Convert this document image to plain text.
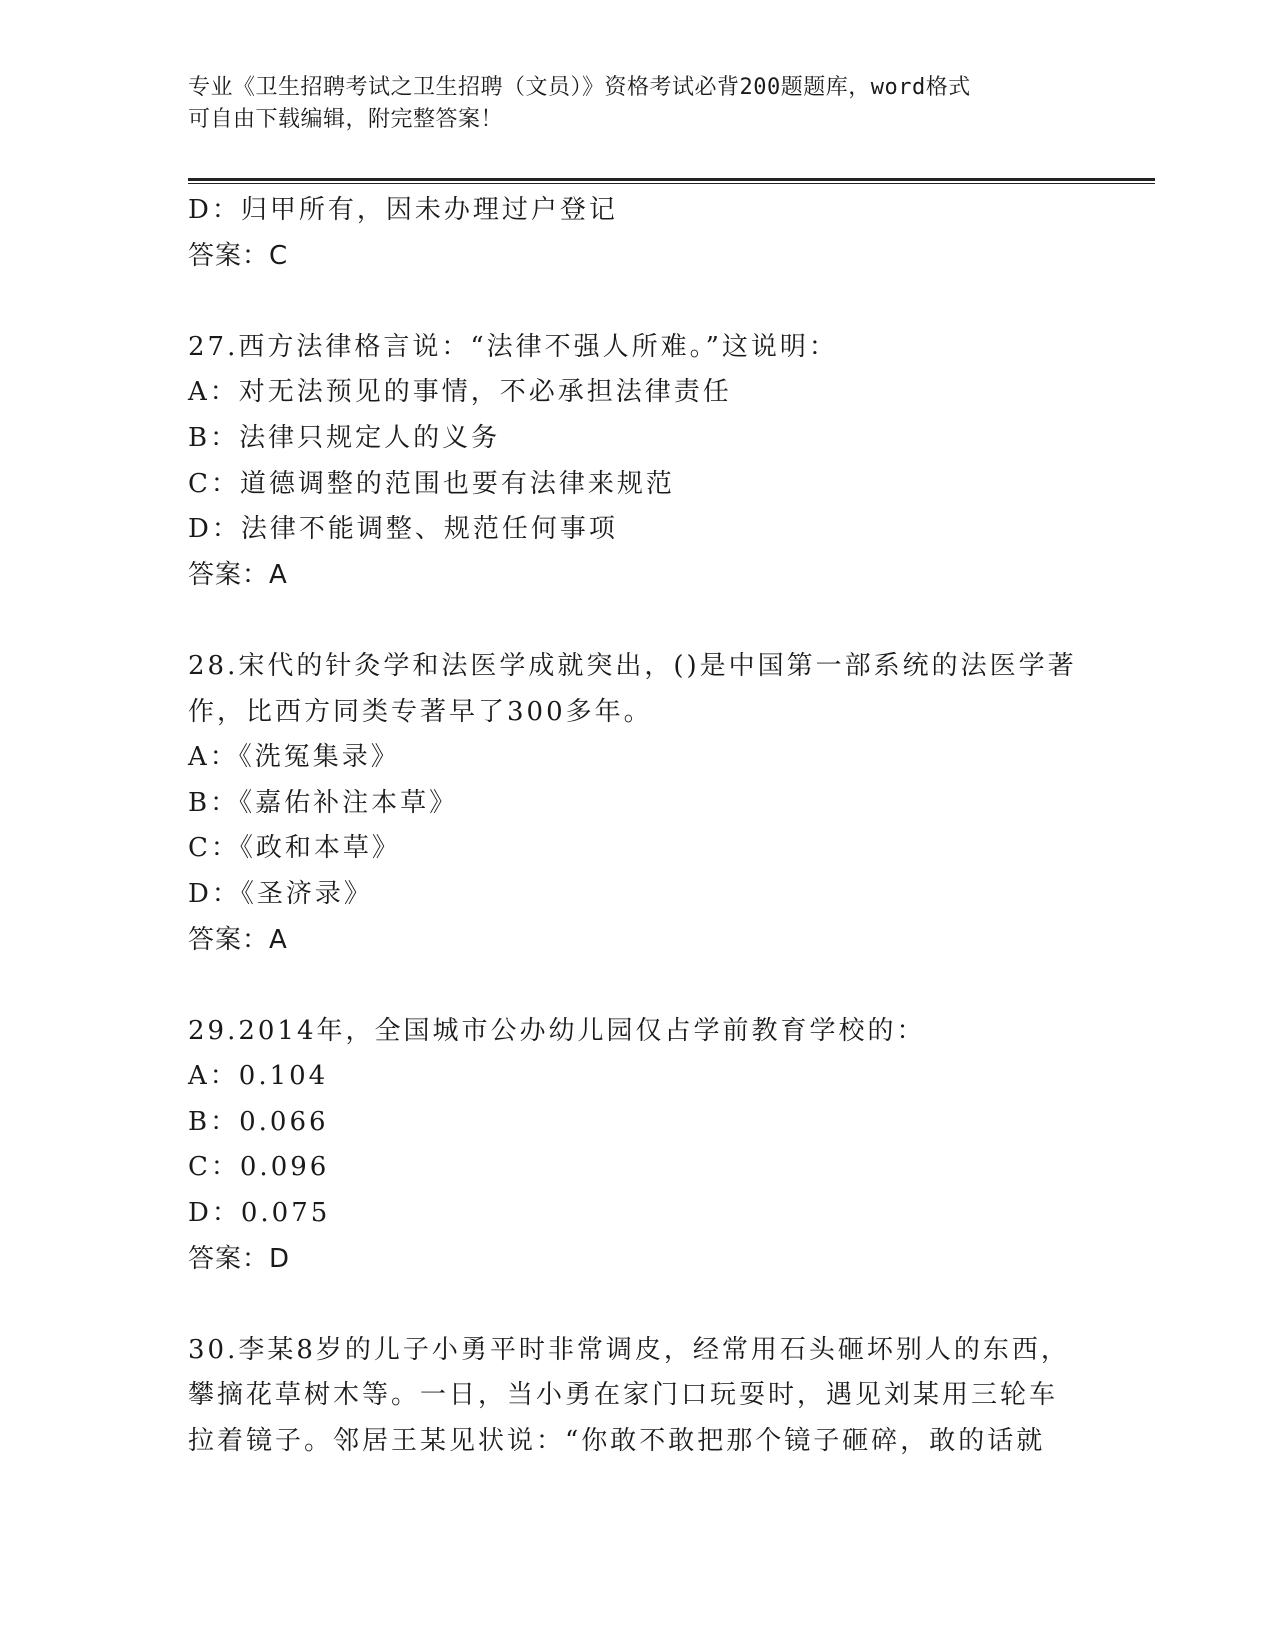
专业《卫生招聘考试之卫生招聘（文员）》资格考试必背200题题库，word格式
可自由下载编辑，附完整答案！
D：归甲所有，因未办理过户登记
答案：C
27.西方法律格言说：“法律不强人所难。”这说明：
A：对无法预见的事情，不必承担法律责任
B：法律只规定人的义务
C：道德调整的范围也要有法律来规范
D：法律不能调整、规范任何事项
答案：A
28.宋代的针灸学和法医学成就突出，()是中国第一部系统的法医学著
作，比西方同类专著早了300多年。
A：《洗冤集录》
B：《嘉佑补注本草》
C：《政和本草》
D：《圣济录》
答案：A
29.2014年，全国城市公办幼儿园仅占学前教育学校的：
A：0.104
B：0.066
C：0.096
D：0.075
答案：D
30.李某8岁的儿子小勇平时非常调皮，经常用石头砸坏别人的东西，
攀摘花草树木等。一日，当小勇在家门口玩耍时，遇见刘某用三轮车
拉着镜子。邻居王某见状说：“你敢不敢把那个镜子砸碎，敢的话就
